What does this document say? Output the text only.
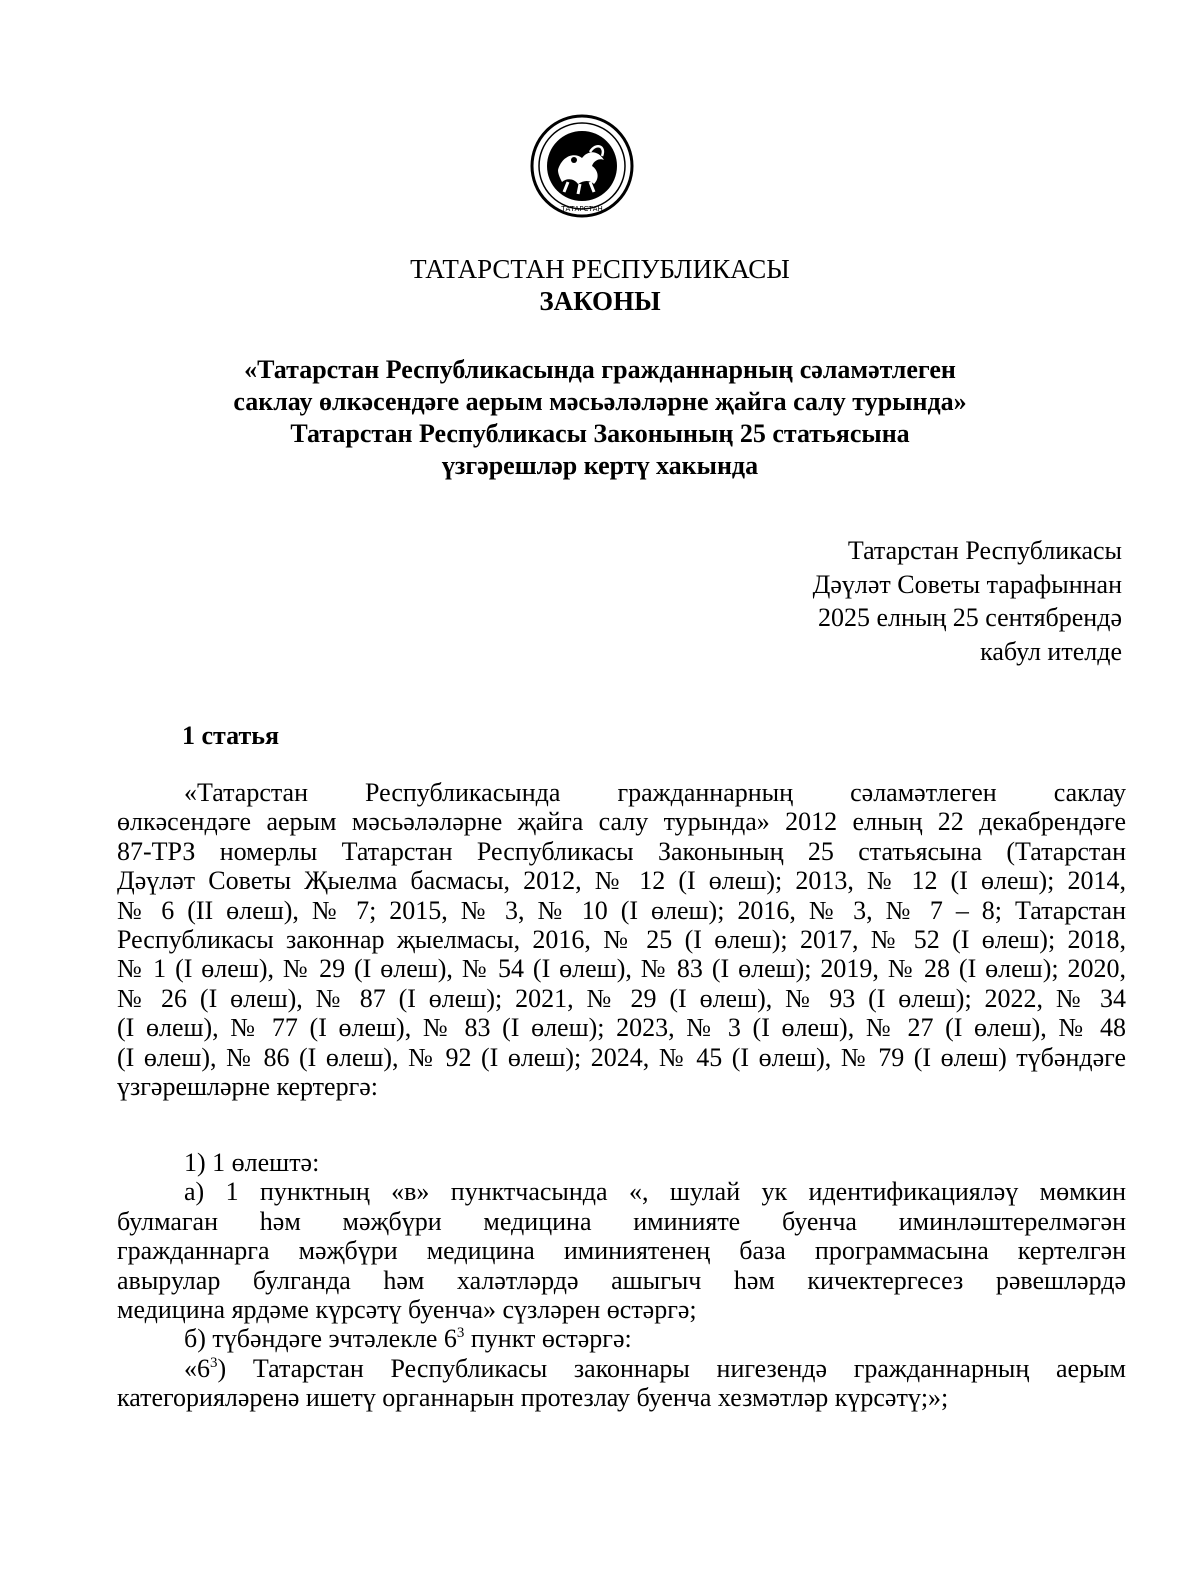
ТАТАРСТАН
ТАТАРСТАН РЕСПУБЛИКАСЫ
ЗАКОНЫ
«Татарстан Республикасында гражданнарның сәламәтлеген
саклау өлкәсендәге аерым мәсьәләләрне җайга салу турында»
Татарстан Республикасы Законының 25 статьясына
үзгәрешләр кертү хакында
Татарстан Республикасы
Дәүләт Советы тарафыннан
2025 елның 25 сентябрендә
кабул ителде
1 статья
«Татарстан Республикасында гражданнарның сәламәтлеген саклау
өлкәсендәге аерым мәсьәләләрне җайга салу турында» 2012 елның 22 декабрендәге
87-ТРЗ номерлы Татарстан Республикасы Законының 25 статьясына (Татарстан
Дәүләт Советы Җыелма басмасы, 2012, № 12 (I өлеш); 2013, № 12 (I өлеш); 2014,
№ 6 (II өлеш), № 7; 2015, № 3, № 10 (I өлеш); 2016, № 3, № 7 – 8; Татарстан
Республикасы законнар җыелмасы, 2016, № 25 (I өлеш); 2017, № 52 (I өлеш); 2018,
№ 1 (I өлеш), № 29 (I өлеш), № 54 (I өлеш), № 83 (I өлеш); 2019, № 28 (I өлеш); 2020,
№ 26 (I өлеш), № 87 (I өлеш); 2021, № 29 (I өлеш), № 93 (I өлеш); 2022, № 34
(I өлеш), № 77 (I өлеш), № 83 (I өлеш); 2023, № 3 (I өлеш), № 27 (I өлеш), № 48
(I өлеш), № 86 (I өлеш), № 92 (I өлеш); 2024, № 45 (I өлеш), № 79 (I өлеш) түбәндәге
үзгәрешләрне кертергә:
1) 1 өлештә:
а) 1 пунктның «в» пунктчасында «, шулай ук идентификацияләү мөмкин
булмаган һәм мәҗбүри медицина иминияте буенча иминләштерелмәгән
гражданнарга мәҗбүри медицина иминиятенең база программасына кертелгән
авырулар булганда һәм халәтләрдә ашыгыч һәм кичектергесез рәвешләрдә
медицина ярдәме күрсәтү буенча» сүзләрен өстәргә;
б) түбәндәге эчтәлекле $6^3$ пункт өстәргә:
«$6^3$) Татарстан Республикасы законнары нигезендә гражданнарның аерым
категорияләренә ишетү органнарын протезлау буенча хезмәтләр күрсәтү;»;
